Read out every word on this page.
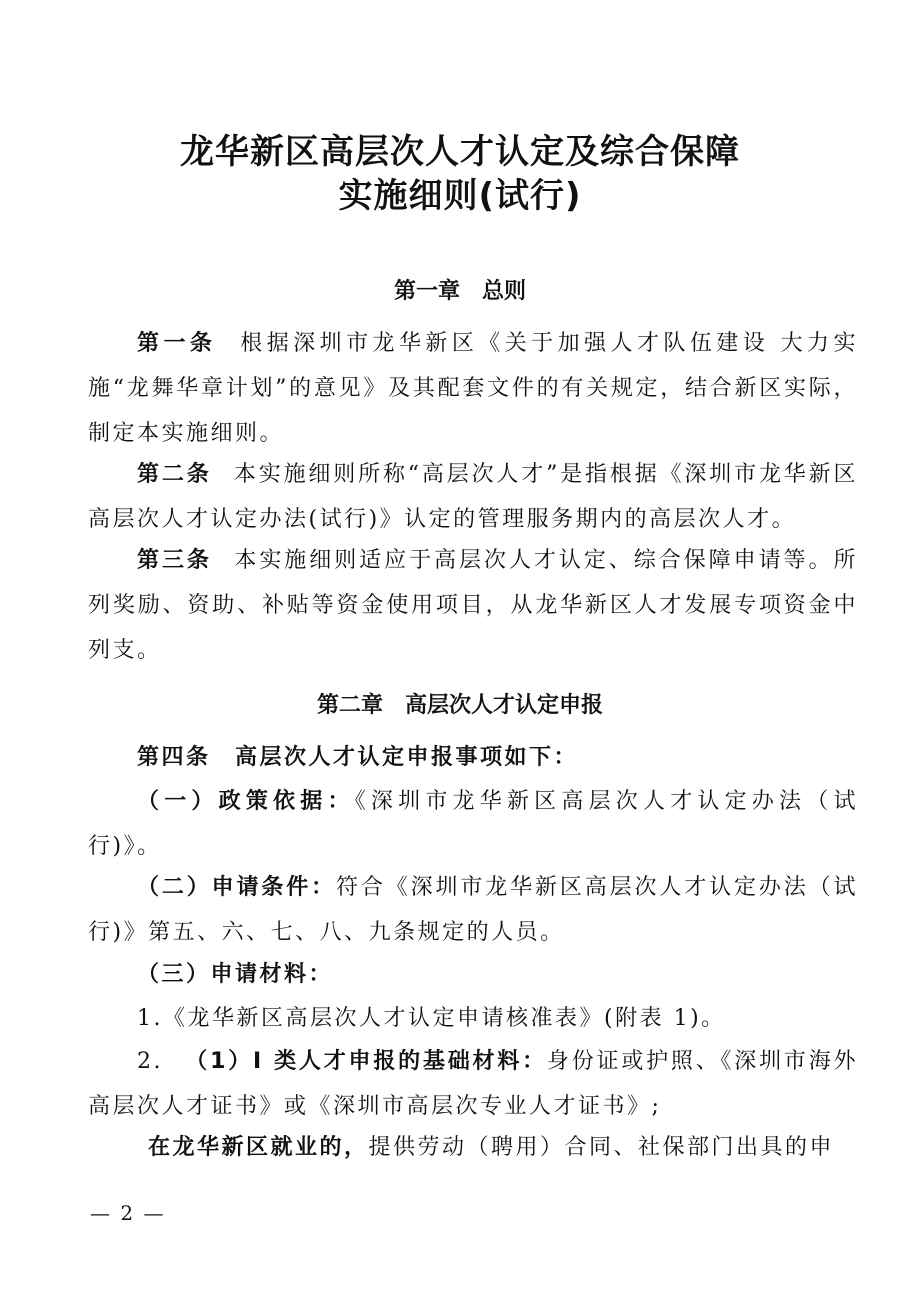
龙华新区高层次人才认定及综合保障
实施细则(试行)
第一章 总则

第一条 根据深圳市龙华新区《关于加强人才队伍建设 大力实施“龙舞华章计划”的意见》及其配套文件的有关规定，结合新区实际，制定本实施细则。

第二条 本实施细则所称“高层次人才”是指根据《深圳市龙华新区高层次人才认定办法(试行)》认定的管理服务期内的高层次人才。

第三条 本实施细则适应于高层次人才认定、综合保障申请等。所列奖励、资助、补贴等资金使用项目，从龙华新区人才发展专项资金中列支。

第二章 高层次人才认定申报

第四条　高层次人才认定申报事项如下：

（一）政策依据：《深圳市龙华新区高层次人才认定办法（试行)》。

（二）申请条件：符合《深圳市龙华新区高层次人才认定办法（试行)》第五、六、七、八、九条规定的人员。

（三）申请材料：

1.《龙华新区高层次人才认定申请核准表》(附表 1)。

2. （1）I 类人才申报的基础材料：身份证或护照、《深圳市海外高层次人才证书》或《深圳市高层次专业人才证书》;

在龙华新区就业的，提供劳动（聘用）合同、社保部门出具的申

— 2 —
